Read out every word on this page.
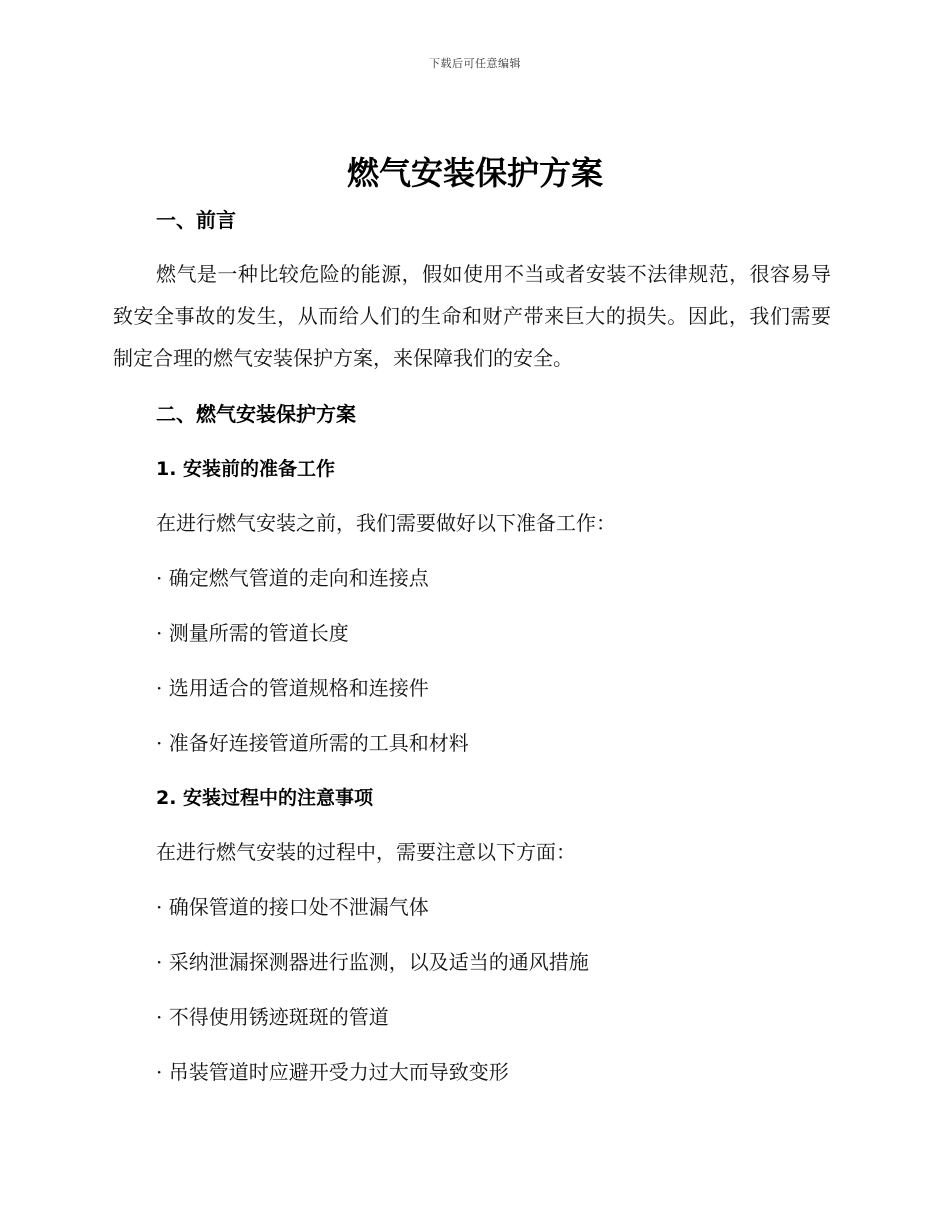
下载后可任意编辑
燃气安装保护方案
一、前言

燃气是一种比较危险的能源，假如使用不当或者安装不法律规范，很容易导致安全事故的发生，从而给人们的生命和财产带来巨大的损失。因此，我们需要制定合理的燃气安装保护方案，来保障我们的安全。

二、燃气安装保护方案
1. 安装前的准备工作
在进行燃气安装之前，我们需要做好以下准备工作：
· 确定燃气管道的走向和连接点
· 测量所需的管道长度
· 选用适合的管道规格和连接件
· 准备好连接管道所需的工具和材料
2. 安装过程中的注意事项
在进行燃气安装的过程中，需要注意以下方面：
· 确保管道的接口处不泄漏气体
· 采纳泄漏探测器进行监测，以及适当的通风措施
· 不得使用锈迹斑斑的管道
· 吊装管道时应避开受力过大而导致变形
